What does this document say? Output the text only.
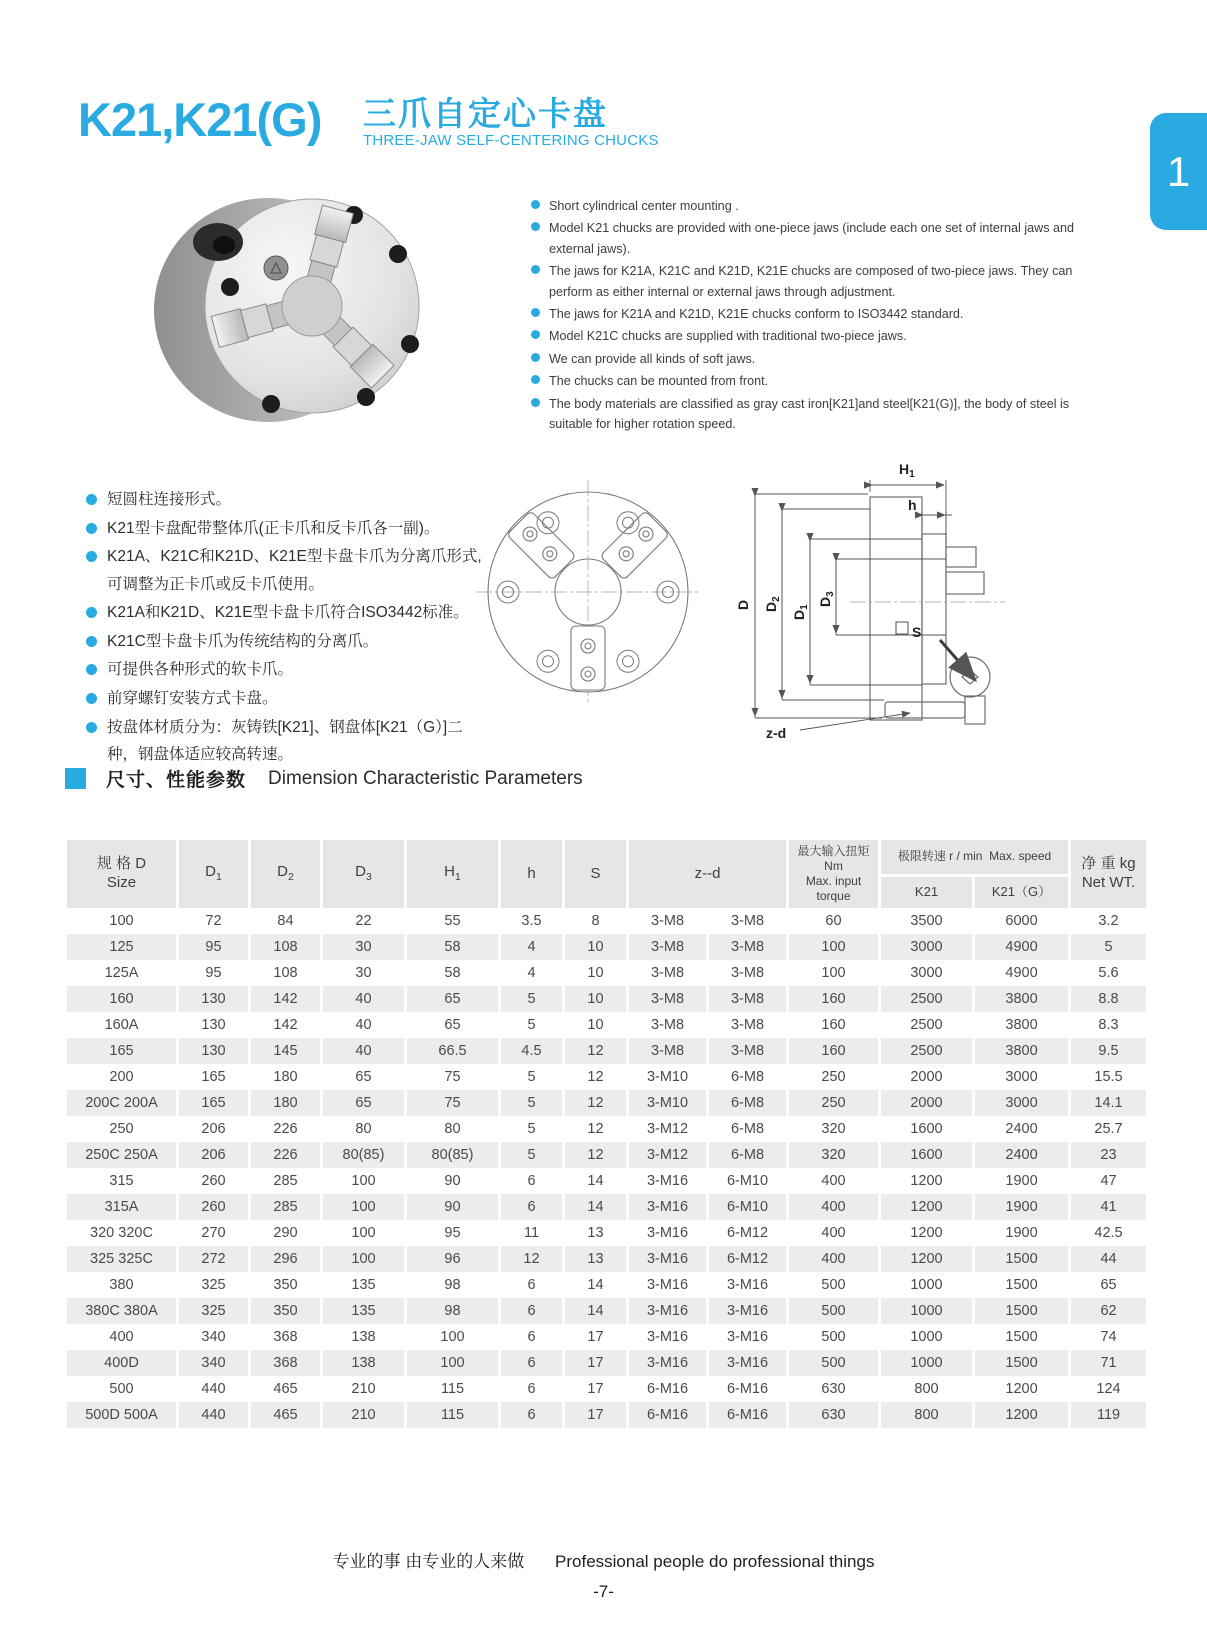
K21,K21(G) 三爪自定心卡盘
THREE-JAW SELF-CENTERING CHUCKS
1
Short cylindrical center mounting .
Model K21 chucks are provided with one-piece jaws (include each one set of internal jaws and external jaws).
The jaws for K21A, K21C and K21D, K21E chucks are composed of two-piece jaws. They can perform as either internal or external jaws through adjustment.
The jaws for K21A and K21D, K21E chucks conform to ISO3442 standard.
Model K21C chucks are supplied with traditional two-piece jaws.
We can provide all kinds of soft jaws.
The chucks can be mounted from front.
The body materials are classified as gray cast iron[K21]and steel[K21(G)], the body of steel is suitable for higher rotation speed.
短圆柱连接形式。
K21型卡盘配带整体爪(正卡爪和反卡爪各一副)。
K21A、K21C和K21D、K21E型卡盘卡爪为分离爪形式,可调整为正卡爪或反卡爪使用。
K21A和K21D、K21E型卡盘卡爪符合ISO3442标准。
K21C型卡盘卡爪为传统结构的分离爪。
可提供各种形式的软卡爪。
前穿螺钉安装方式卡盘。
按盘体材质分为：灰铸铁[K21]、钢盘体[K21（G）]二种，钢盘体适应较高转速。
$H_1$
h
D $D_2$
$D_1$
$D_3$
S
z-d
尺寸、性能参数 Dimension Characteristic Parameters
规 格 D
Size
	$D_1$	$D_2$	$D_3$	$H_1$	h	S	z--d	
最大输入扭矩 Nm
Max. input torque
	极限转速 r / min Max. speed	净 重 kg
Net WT.

										K21	K21（G）	
100	72	84	22	55	3.5	8	3-M8	3-M8	60	3500	6000	3.2
125	95	108	30	58	4	10	3-M8	3-M8	100	3000	4900	5
125A	95	108	30	58	4	10	3-M8	3-M8	100	3000	4900	5.6
160	130	142	40	65	5	10	3-M8	3-M8	160	2500	3800	8.8
160A	130	142	40	65	5	10	3-M8	3-M8	160	2500	3800	8.3
165	130	145	40	66.5	4.5	12	3-M8	3-M8	160	2500	3800	9.5
200	165	180	65	75	5	12	3-M10	6-M8	250	2000	3000	15.5
200C 200A	165	180	65	75	5	12	3-M10	6-M8	250	2000	3000	14.1
250	206	226	80	80	5	12	3-M12	6-M8	320	1600	2400	25.7
250C 250A	206	226	80(85)	80(85)	5	12	3-M12	6-M8	320	1600	2400	23
315	260	285	100	90	6	14	3-M16	6-M10	400	1200	1900	47
315A	260	285	100	90	6	14	3-M16	6-M10	400	1200	1900	41
320 320C	270	290	100	95	11	13	3-M16	6-M12	400	1200	1900	42.5
325 325C	272	296	100	96	12	13	3-M16	6-M12	400	1200	1500	44
380	325	350	135	98	6	14	3-M16	3-M16	500	1000	1500	65
380C 380A	325	350	135	98	6	14	3-M16	3-M16	500	1000	1500	62
400	340	368	138	100	6	17	3-M16	3-M16	500	1000	1500	74
400D	340	368	138	100	6	17	3-M16	3-M16	500	1000	1500	71
500	440	465	210	115	6	17	6-M16	6-M16	630	800	1200	124
500D 500A	440	465	210	115	6	17	6-M16	6-M16	630	800	1200	119
专业的事 由专业的人来做 Professional people do professional things
-7-
